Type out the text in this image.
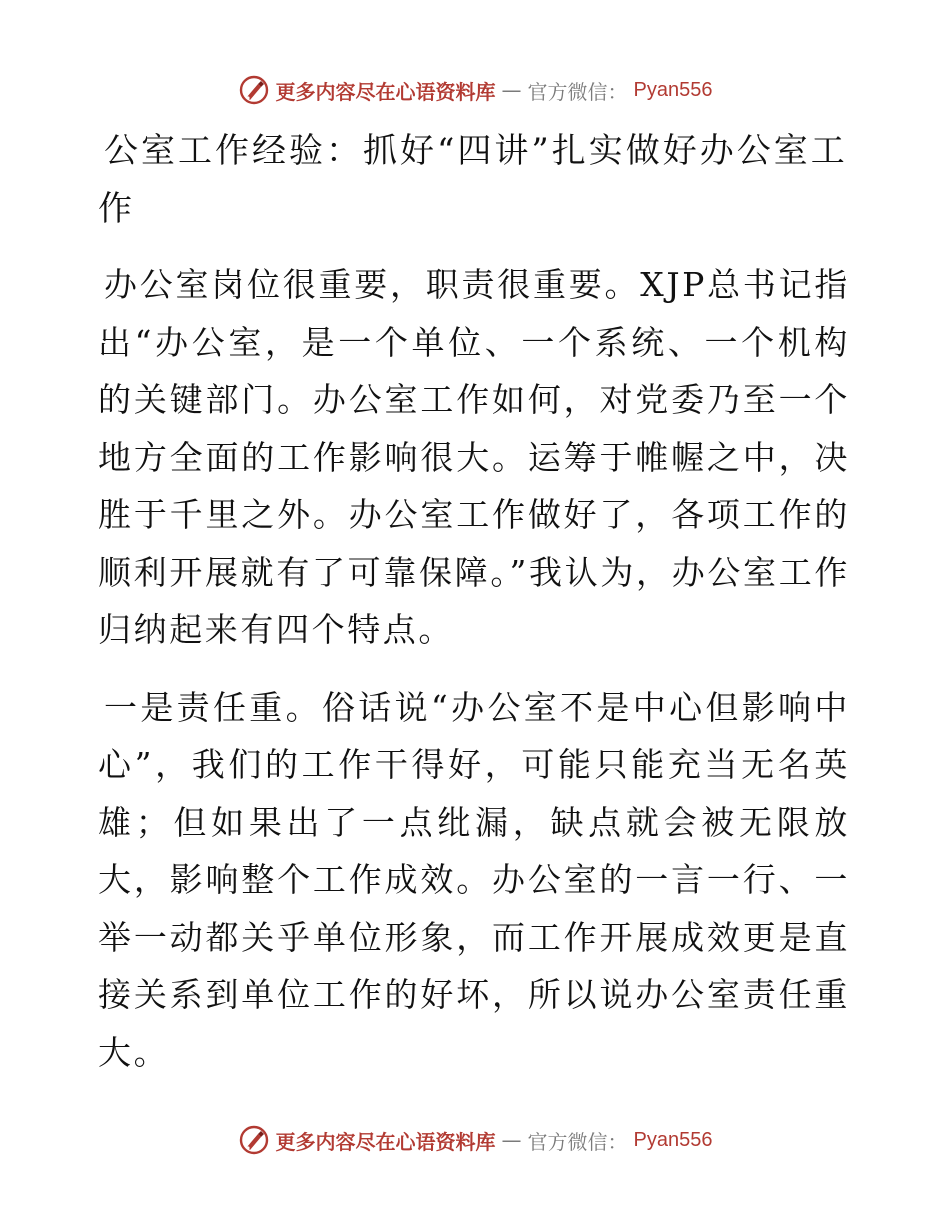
更多内容尽在心语资料库 — 官方微信： Pyan556
公室工作经验：抓好“四讲”扎实做好办公室工作

办公室岗位很重要，职责很重要。XJP总书记指出“办公室，是一个单位、一个系统、一个机构的关键部门。办公室工作如何，对党委乃至一个地方全面的工作影响很大。运筹于帷幄之中，决胜于千里之外。办公室工作做好了，各项工作的顺利开展就有了可靠保障。”我认为，办公室工作归纳起来有四个特点。

一是责任重。俗话说“办公室不是中心但影响中心”，我们的工作干得好，可能只能充当无名英雄；但如果出了一点纰漏，缺点就会被无限放大，影响整个工作成效。办公室的一言一行、一举一动都关乎单位形象，而工作开展成效更是直接关系到单位工作的好坏，所以说办公室责任重大。

更多内容尽在心语资料库 — 官方微信： Pyan556
